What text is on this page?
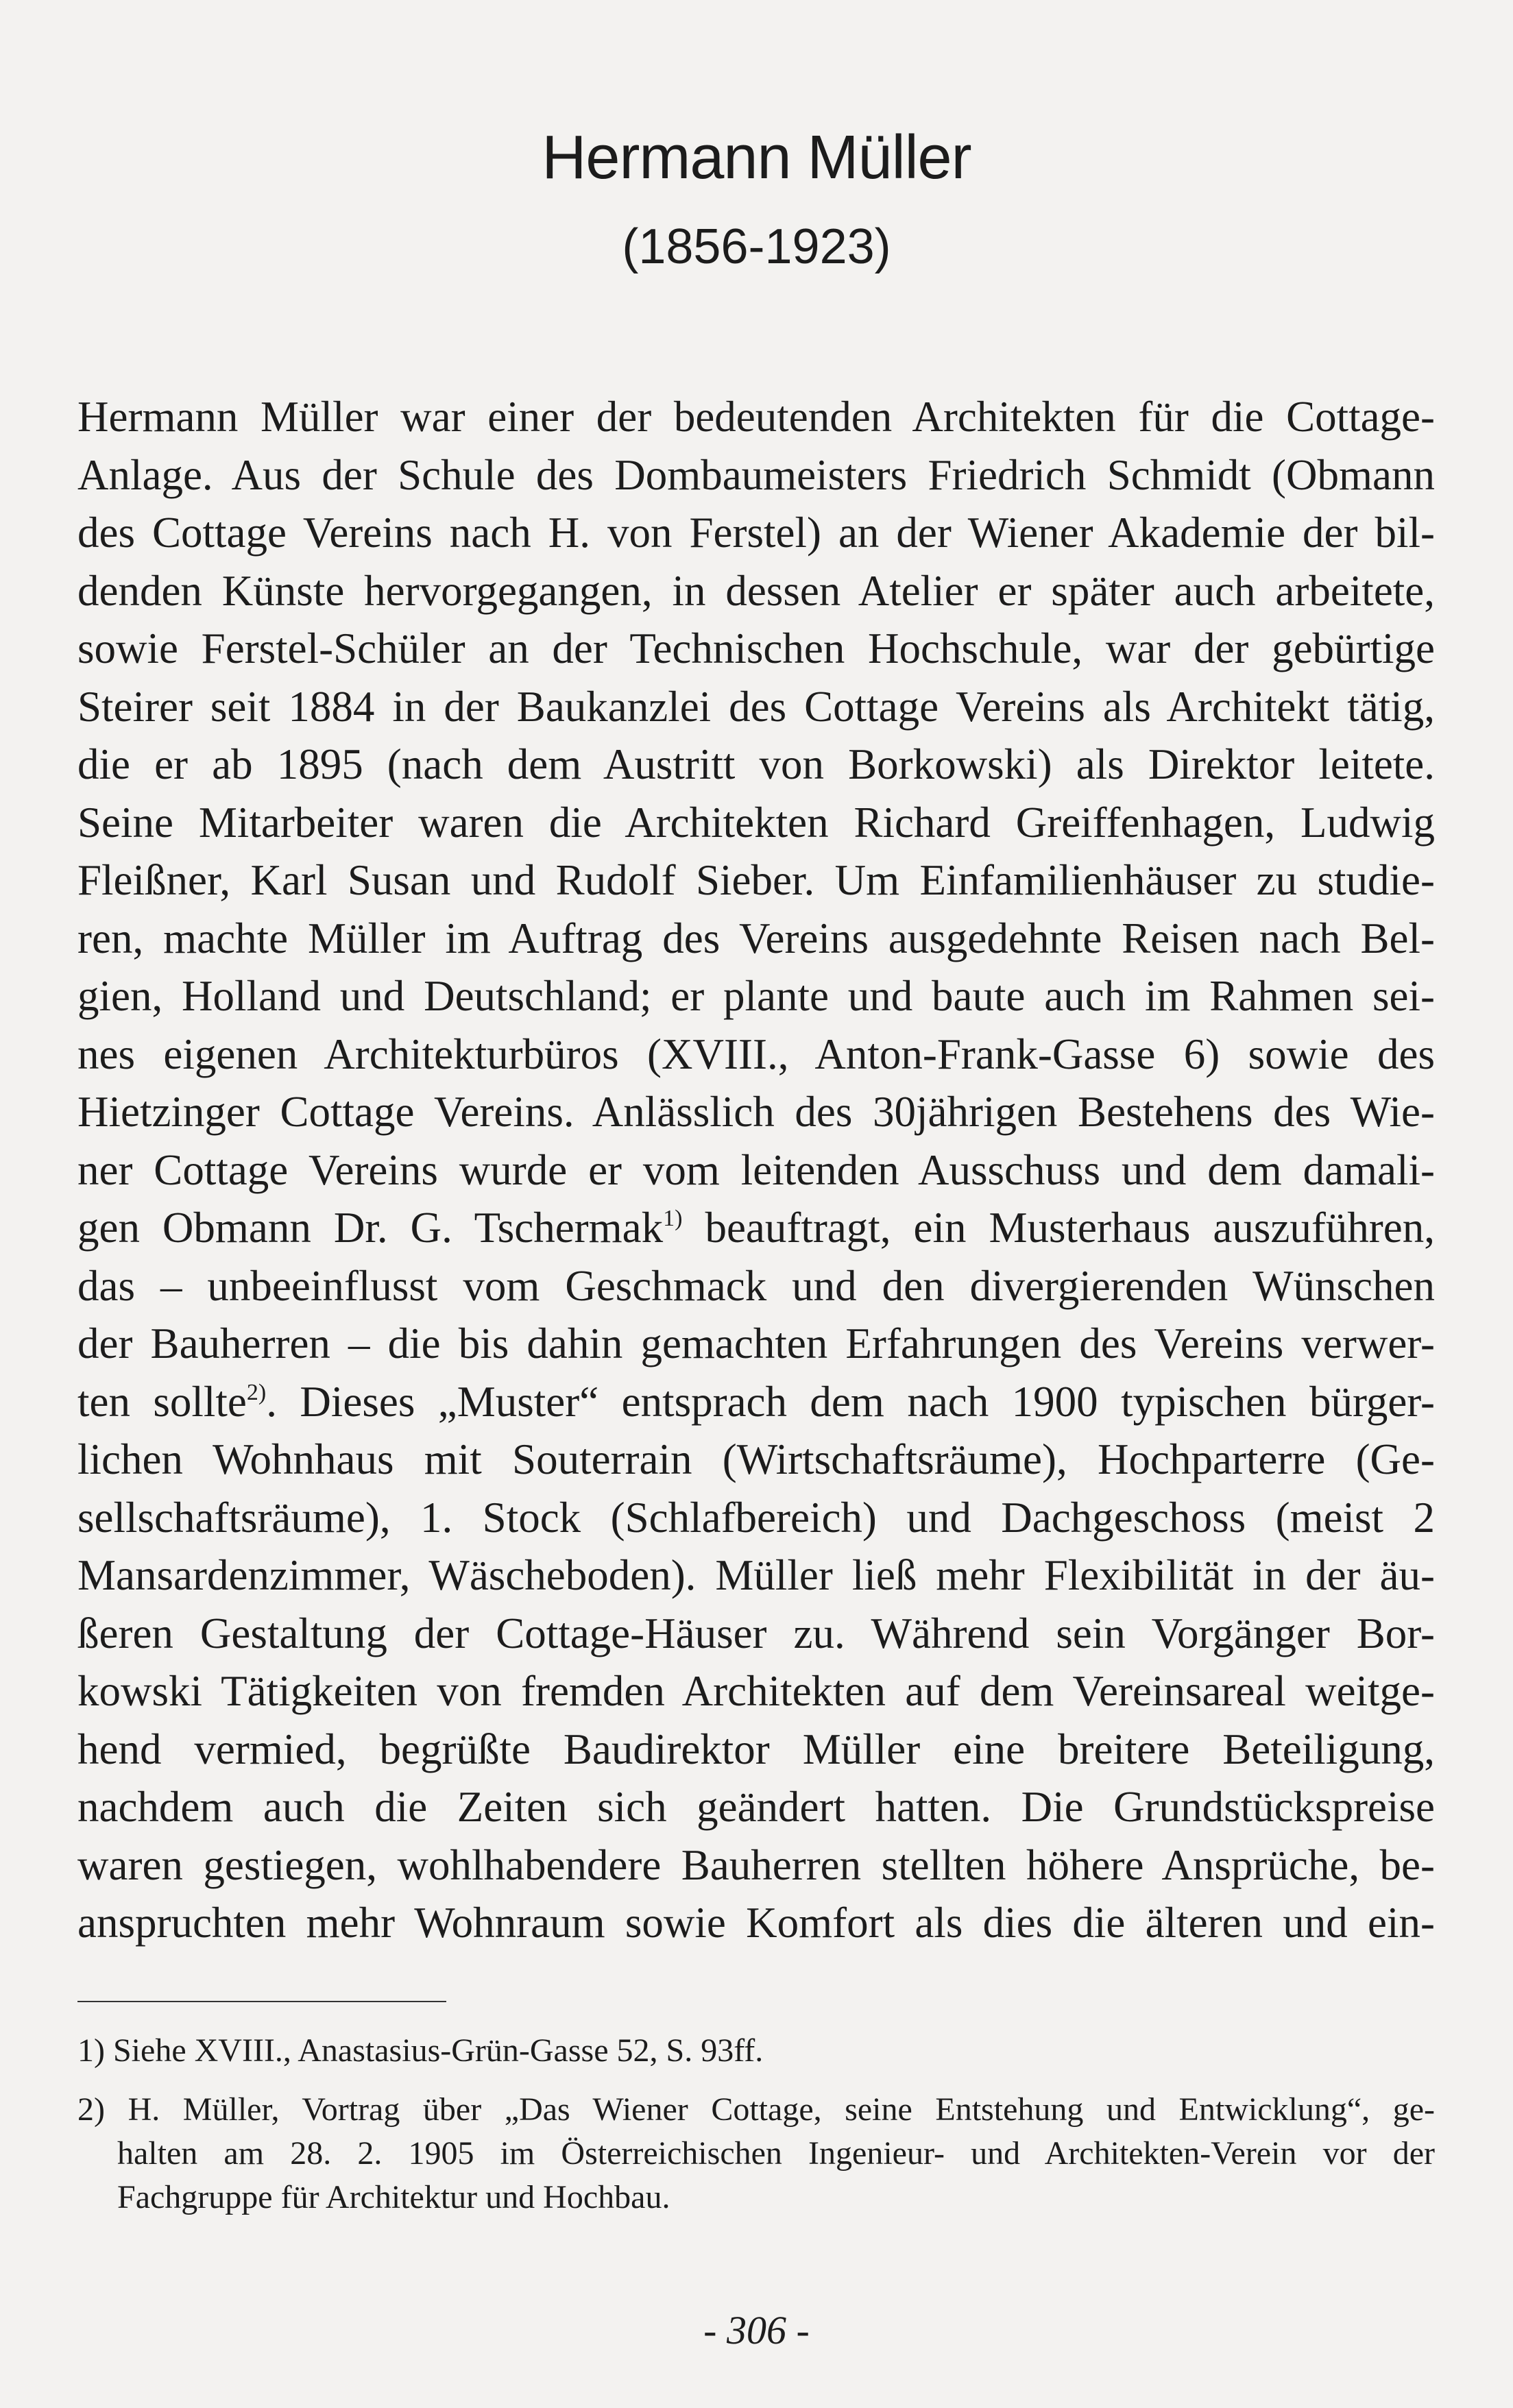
Hermann Müller
(1856-1923)
Hermann Müller war einer der bedeutenden Architekten für die Cottage-
Anlage. Aus der Schule des Dombaumeisters Friedrich Schmidt (Obmann
des Cottage Vereins nach H. von Ferstel) an der Wiener Akademie der bil-
denden Künste hervorgegangen, in dessen Atelier er später auch arbeitete,
sowie Ferstel-Schüler an der Technischen Hochschule, war der gebürtige
Steirer seit 1884 in der Baukanzlei des Cottage Vereins als Architekt tätig,
die er ab 1895 (nach dem Austritt von Borkowski) als Direktor leitete.
Seine Mitarbeiter waren die Architekten Richard Greiffenhagen, Ludwig
Fleißner, Karl Susan und Rudolf Sieber. Um Einfamilienhäuser zu studie-
ren, machte Müller im Auftrag des Vereins ausgedehnte Reisen nach Bel-
gien, Holland und Deutschland; er plante und baute auch im Rahmen sei-
nes eigenen Architekturbüros (XVIII., Anton-Frank-Gasse 6) sowie des
Hietzinger Cottage Vereins. Anlässlich des 30jährigen Bestehens des Wie-
ner Cottage Vereins wurde er vom leitenden Ausschuss und dem damali-
gen Obmann Dr. G. Tschermak$^{1)}$ beauftragt, ein Musterhaus auszuführen,
das – unbeeinflusst vom Geschmack und den divergierenden Wünschen
der Bauherren – die bis dahin gemachten Erfahrungen des Vereins verwer-
ten sollte$^{2)}$. Dieses „Muster“ entsprach dem nach 1900 typischen bürger-
lichen Wohnhaus mit Souterrain (Wirtschaftsräume), Hochparterre (Ge-
sellschaftsräume), 1. Stock (Schlafbereich) und Dachgeschoss (meist 2
Mansardenzimmer, Wäscheboden). Müller ließ mehr Flexibilität in der äu-
ßeren Gestaltung der Cottage-Häuser zu. Während sein Vorgänger Bor-
kowski Tätigkeiten von fremden Architekten auf dem Vereinsareal weitge-
hend vermied, begrüßte Baudirektor Müller eine breitere Beteiligung,
nachdem auch die Zeiten sich geändert hatten. Die Grundstückspreise
waren gestiegen, wohlhabendere Bauherren stellten höhere Ansprüche, be-
anspruchten mehr Wohnraum sowie Komfort als dies die älteren und ein-
1) Siehe XVIII., Anastasius-Grün-Gasse 52, S. 93ff.
2) H. Müller, Vortrag über „Das Wiener Cottage, seine Entstehung und Entwicklung“, ge-
halten am 28. 2. 1905 im Österreichischen Ingenieur- und Architekten-Verein vor der
Fachgruppe für Architektur und Hochbau.
- 306 -
